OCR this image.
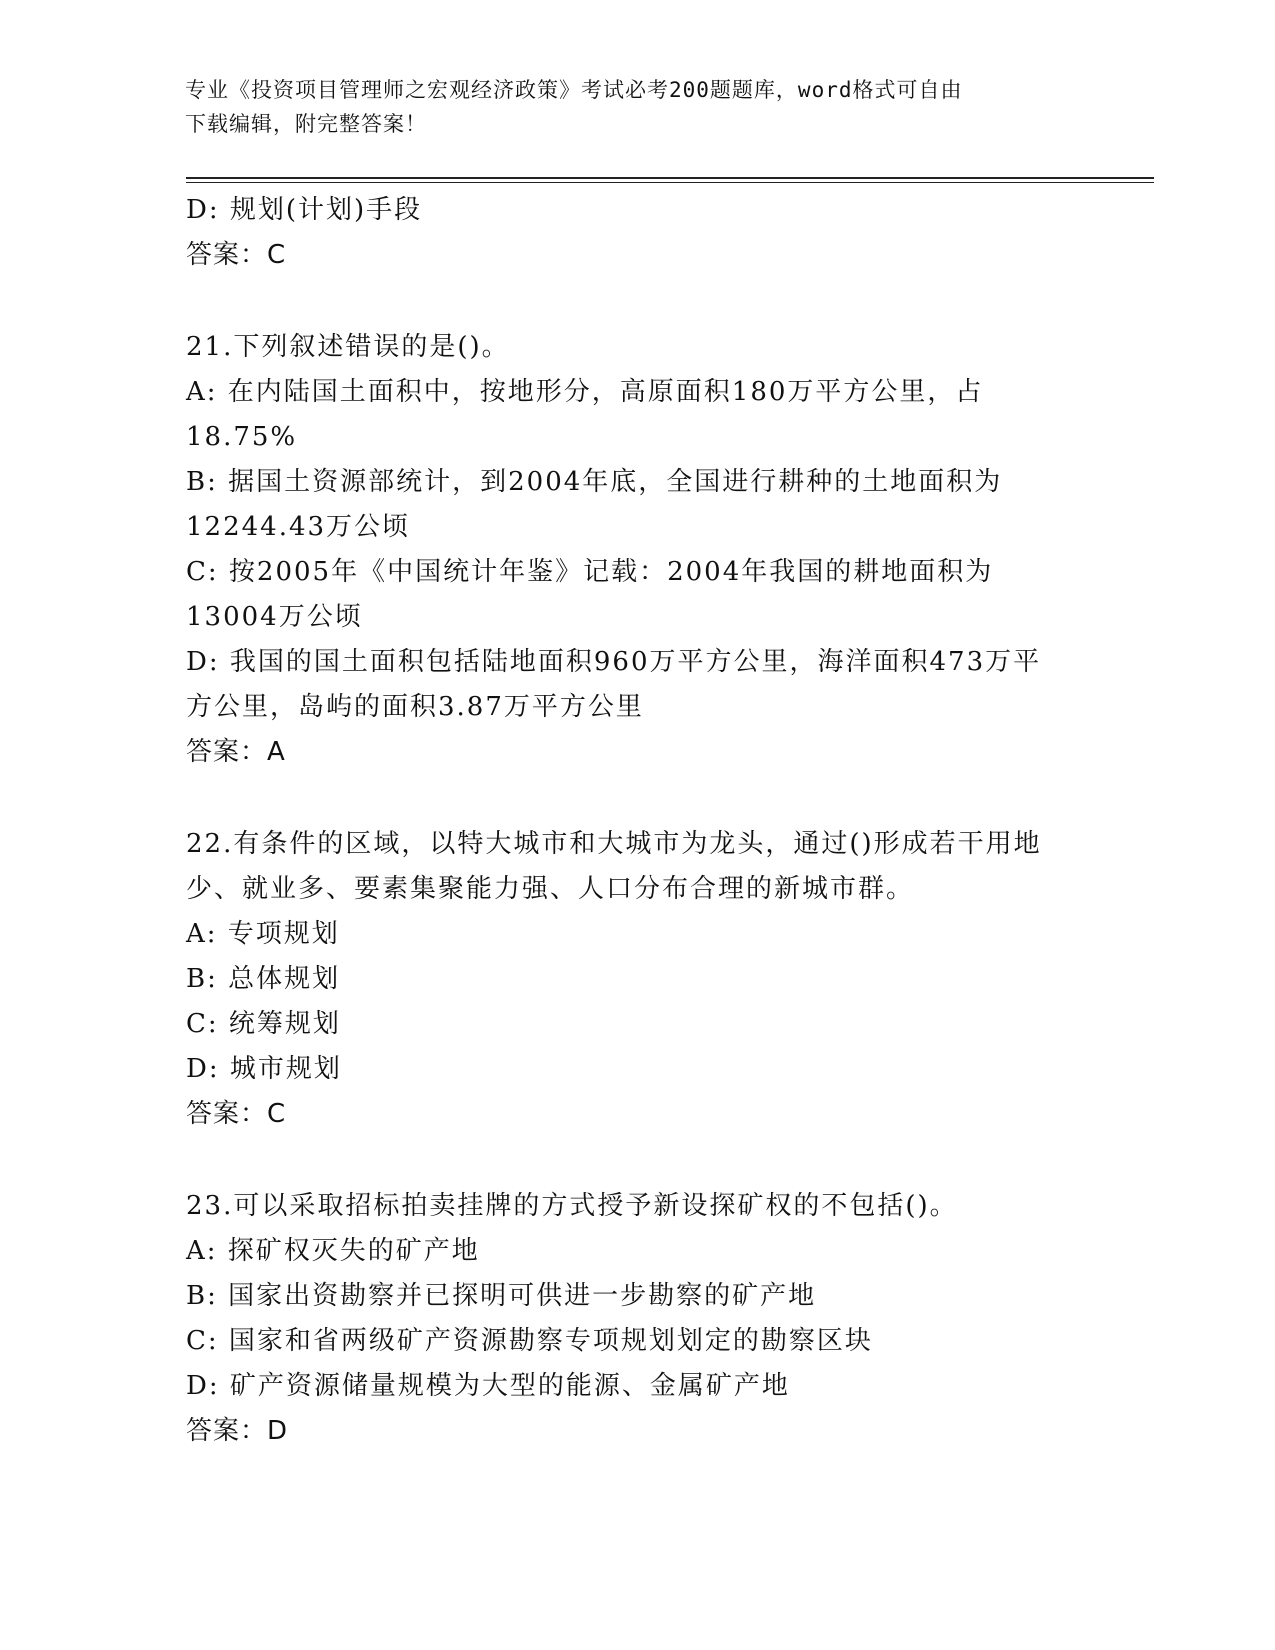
专业《投资项目管理师之宏观经济政策》考试必考200题题库，word格式可自由
下载编辑，附完整答案！
D: 规划(计划)手段
答案：C
21.下列叙述错误的是()。
A: 在内陆国土面积中，按地形分，高原面积180万平方公里，占
18.75%
B: 据国土资源部统计，到2004年底，全国进行耕种的土地面积为
12244.43万公顷
C: 按2005年《中国统计年鉴》记载：2004年我国的耕地面积为
13004万公顷
D: 我国的国土面积包括陆地面积960万平方公里，海洋面积473万平
方公里，岛屿的面积3.87万平方公里
答案：A
22.有条件的区域，以特大城市和大城市为龙头，通过()形成若干用地
少、就业多、要素集聚能力强、人口分布合理的新城市群。
A: 专项规划
B: 总体规划
C: 统筹规划
D: 城市规划
答案：C
23.可以采取招标拍卖挂牌的方式授予新设探矿权的不包括()。
A: 探矿权灭失的矿产地
B: 国家出资勘察并已探明可供进一步勘察的矿产地
C: 国家和省两级矿产资源勘察专项规划划定的勘察区块
D: 矿产资源储量规模为大型的能源、金属矿产地
答案：D
